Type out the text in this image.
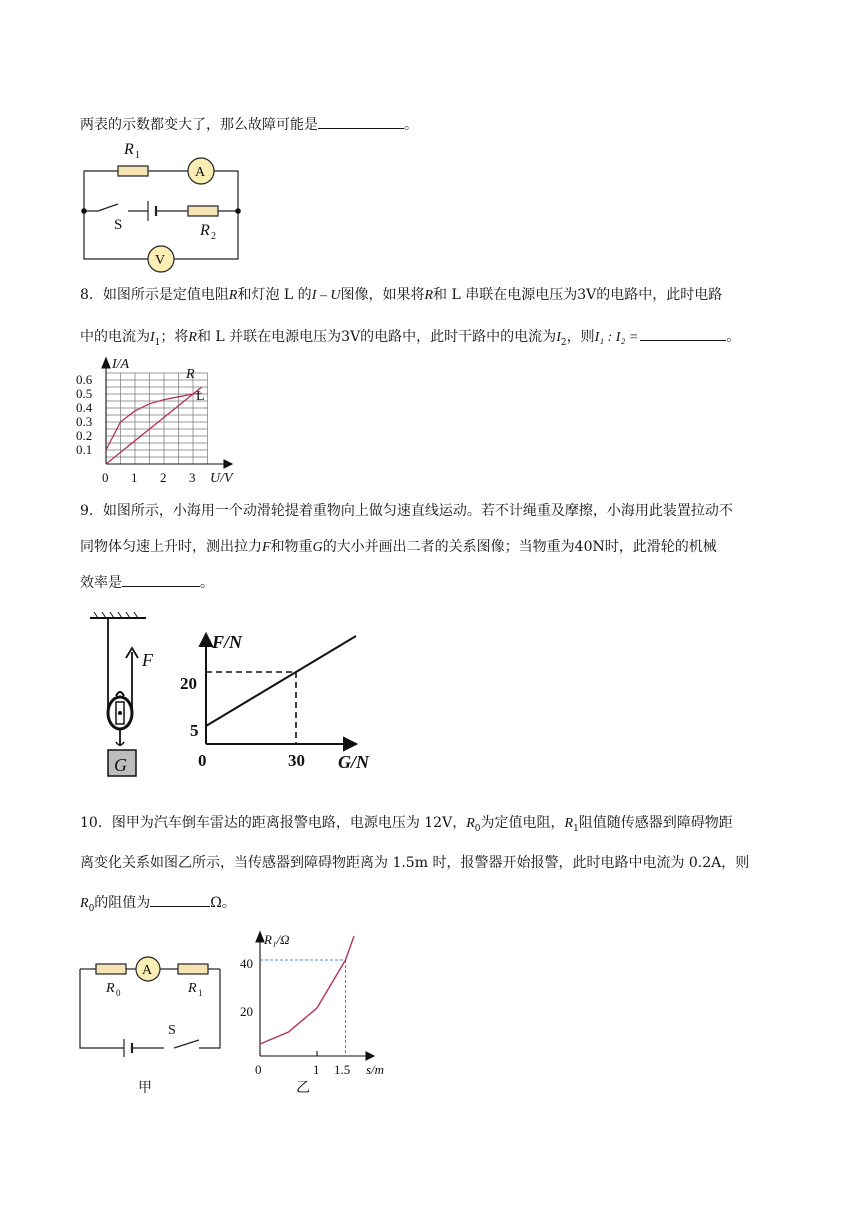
两表的示数都变大了，那么故障可能是	。
R 1
A
S	R 2
V
8．如图所示是定值电阻R和灯泡 L 的I – U图像，如果将R和 L 串联在电源电压为3V的电路中，此时电路
中的电流为$I_1$；将R和 L 并联在电源电压为3V的电路中，此时干路中的电流为$I_2$，则I₁ : I₂ =	。
0.6
0.5
0.4
0.3
0.2
0.1
0 1 2 3
I/A
U/V
R
L
9．如图所示，小海用一个动滑轮提着重物向上做匀速直线运动。若不计绳重及摩擦，小海用此装置拉动不
同物体匀速上升时，测出拉力F和物重G的大小并画出二者的关系图像；当物重为40N时，此滑轮的机械
效率是	。
F
G
F/N
G/N
20
5
0	30
10．图甲为汽车倒车雷达的距离报警电路，电源电压为 12V，$R_0$为定值电阻，$R_1$阻值随传感器到障碍物距
离变化关系如图乙所示，当传感器到障碍物距离为 1.5m 时，报警器开始报警，此时电路中电流为 0.2A，则
$R_0$的阻值为	Ω。
A
R 0	R 1
S
甲
R₁/Ω
s/m
40
20
0	1 1.5
乙
